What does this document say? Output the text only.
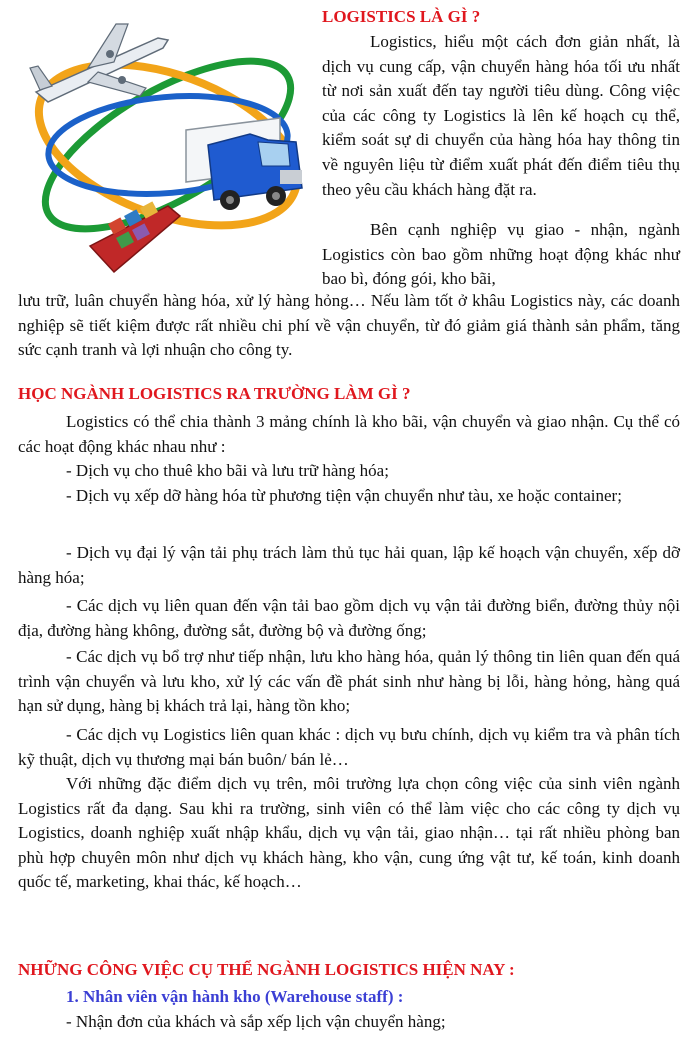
LOGISTICS LÀ GÌ ?

Logistics, hiểu một cách đơn giản nhất, là dịch vụ cung cấp, vận chuyển hàng hóa tối ưu nhất từ nơi sản xuất đến tay người tiêu dùng. Công việc của các công ty Logistics là lên kế hoạch cụ thể, kiểm soát sự di chuyển của hàng hóa hay thông tin về nguyên liệu từ điểm xuất phát đến điểm tiêu thụ theo yêu cầu khách hàng đặt ra.

Bên cạnh nghiệp vụ giao - nhận, ngành Logistics còn bao gồm những hoạt động khác như bao bì, đóng gói, kho bãi,

lưu trữ, luân chuyển hàng hóa, xử lý hàng hỏng… Nếu làm tốt ở khâu Logistics này, các doanh nghiệp sẽ tiết kiệm được rất nhiều chi phí về vận chuyển, từ đó giảm giá thành sản phẩm, tăng sức cạnh tranh và lợi nhuận cho công ty.

HỌC NGÀNH LOGISTICS RA TRƯỜNG LÀM GÌ ?

Logistics có thể chia thành 3 mảng chính là kho bãi, vận chuyển và giao nhận. Cụ thể có các hoạt động khác nhau như :

- Dịch vụ cho thuê kho bãi và lưu trữ hàng hóa;

- Dịch vụ xếp dỡ hàng hóa từ phương tiện vận chuyển như tàu, xe hoặc container;

- Dịch vụ đại lý vận tải phụ trách làm thủ tục hải quan, lập kế hoạch vận chuyển, xếp dỡ hàng hóa;

- Các dịch vụ liên quan đến vận tải bao gồm dịch vụ vận tải đường biển, đường thủy nội địa, đường hàng không, đường sắt, đường bộ và đường ống;

- Các dịch vụ bổ trợ như tiếp nhận, lưu kho hàng hóa, quản lý thông tin liên quan đến quá trình vận chuyển và lưu kho, xử lý các vấn đề phát sinh như hàng bị lỗi, hàng hỏng, hàng quá hạn sử dụng, hàng bị khách trả lại, hàng tồn kho;

- Các dịch vụ Logistics liên quan khác : dịch vụ bưu chính, dịch vụ kiểm tra và phân tích kỹ thuật, dịch vụ thương mại bán buôn/ bán lẻ…

Với những đặc điểm dịch vụ trên, môi trường lựa chọn công việc của sinh viên ngành Logistics rất đa dạng. Sau khi ra trường, sinh viên có thể làm việc cho các công ty dịch vụ Logistics, doanh nghiệp xuất nhập khẩu, dịch vụ vận tải, giao nhận… tại rất nhiều phòng ban phù hợp chuyên môn như dịch vụ khách hàng, kho vận, cung ứng vật tư, kế toán, kinh doanh quốc tế, marketing, khai thác, kế hoạch…

NHỮNG CÔNG VIỆC CỤ THỂ NGÀNH LOGISTICS HIỆN NAY :
1. Nhân viên vận hành kho (Warehouse staff) :

- Nhận đơn của khách và sắp xếp lịch vận chuyển hàng;
